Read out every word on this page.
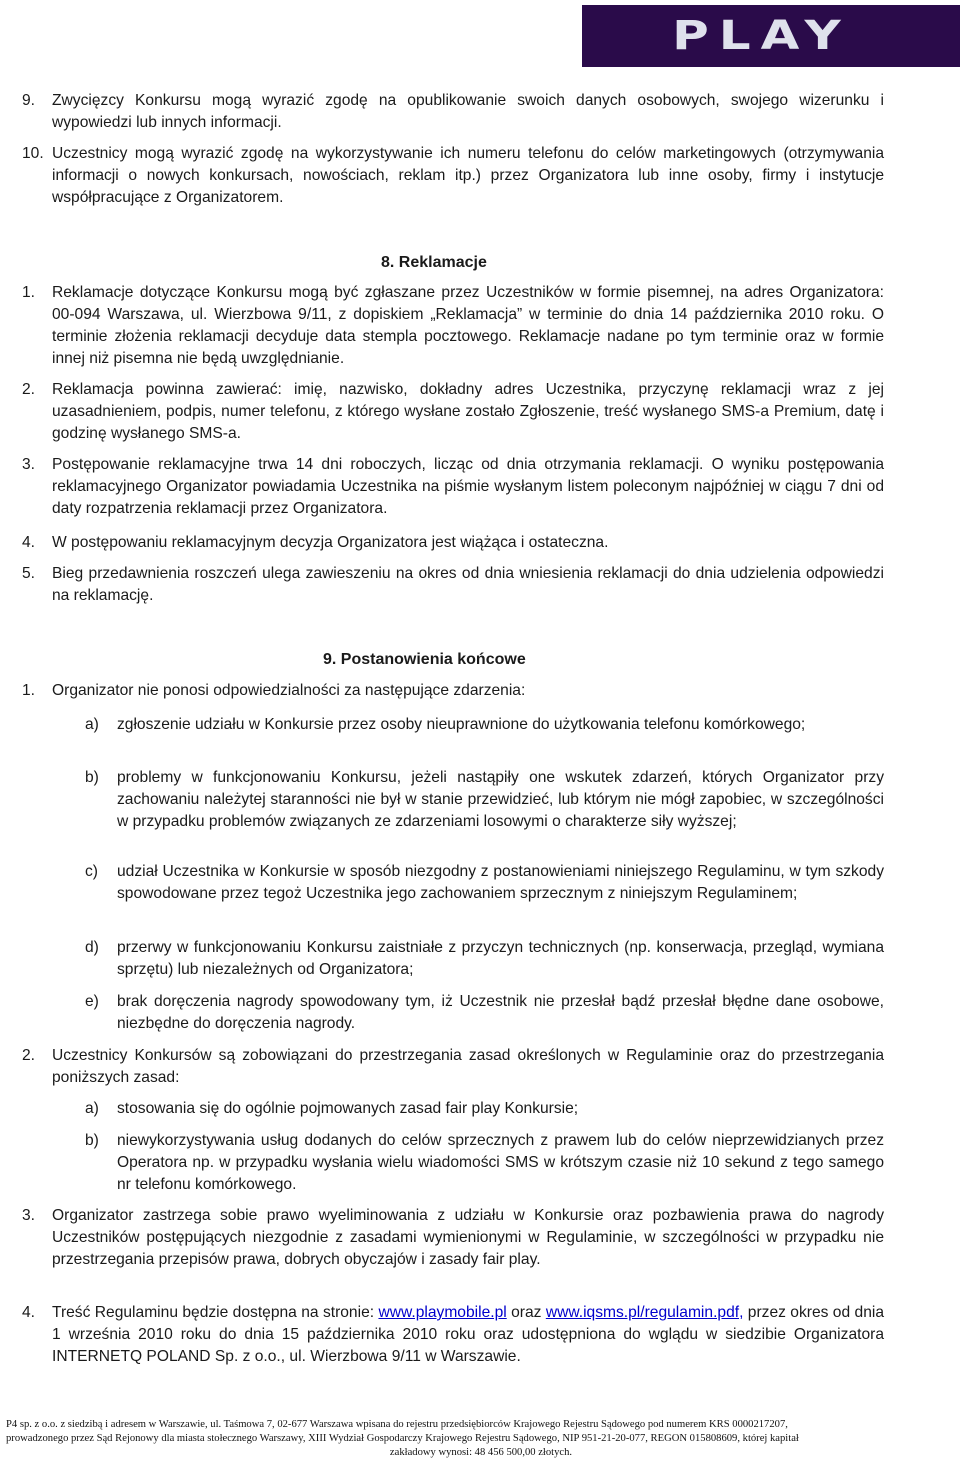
PLAY
9. Zwycięzcy Konkursu mogą wyrazić zgodę na opublikowanie swoich danych osobowych, swojego wizerunku i wypowiedzi lub innych informacji.
10. Uczestnicy mogą wyrazić zgodę na wykorzystywanie ich numeru telefonu do celów marketingowych (otrzymywania informacji o nowych konkursach, nowościach, reklam itp.) przez Organizatora lub inne osoby, firmy i instytucje współpracujące z Organizatorem.
8. Reklamacje
1. Reklamacje dotyczące Konkursu mogą być zgłaszane przez Uczestników w formie pisemnej, na adres Organizatora: 00-094 Warszawa, ul. Wierzbowa 9/11, z dopiskiem „Reklamacja” w terminie do dnia 14 października 2010 roku. O terminie złożenia reklamacji decyduje data stempla pocztowego. Reklamacje nadane po tym terminie oraz w formie innej niż pisemna nie będą uwzględnianie.
2. Reklamacja powinna zawierać: imię, nazwisko, dokładny adres Uczestnika, przyczynę reklamacji wraz z jej uzasadnieniem, podpis, numer telefonu, z którego wysłane zostało Zgłoszenie, treść wysłanego SMS-a Premium, datę i godzinę wysłanego SMS-a.
3. Postępowanie reklamacyjne trwa 14 dni roboczych, licząc od dnia otrzymania reklamacji. O wyniku postępowania reklamacyjnego Organizator powiadamia Uczestnika na piśmie wysłanym listem poleconym najpóźniej w ciągu 7 dni od daty rozpatrzenia reklamacji przez Organizatora.
4. W postępowaniu reklamacyjnym decyzja Organizatora jest wiążąca i ostateczna.
5. Bieg przedawnienia roszczeń ulega zawieszeniu na okres od dnia wniesienia reklamacji do dnia udzielenia odpowiedzi na reklamację.
9. Postanowienia końcowe
1. Organizator nie ponosi odpowiedzialności za następujące zdarzenia:
a) zgłoszenie udziału w Konkursie przez osoby nieuprawnione do użytkowania telefonu komórkowego;
b) problemy w funkcjonowaniu Konkursu, jeżeli nastąpiły one wskutek zdarzeń, których Organizator przy zachowaniu należytej staranności nie był w stanie przewidzieć, lub którym nie mógł zapobiec, w szczególności w przypadku problemów związanych ze zdarzeniami losowymi o charakterze siły wyższej;
c) udział Uczestnika w Konkursie w sposób niezgodny z postanowieniami niniejszego Regulaminu, w tym szkody spowodowane przez tegoż Uczestnika jego zachowaniem sprzecznym z niniejszym Regulaminem;
d) przerwy w funkcjonowaniu Konkursu zaistniałe z przyczyn technicznych (np. konserwacja, przegląd, wymiana sprzętu) lub niezależnych od Organizatora;
e) brak doręczenia nagrody spowodowany tym, iż Uczestnik nie przesłał bądź przesłał błędne dane osobowe, niezbędne do doręczenia nagrody.
2. Uczestnicy Konkursów są zobowiązani do przestrzegania zasad określonych w Regulaminie oraz do przestrzegania poniższych zasad:
a) stosowania się do ogólnie pojmowanych zasad fair play Konkursie;
b) niewykorzystywania usług dodanych do celów sprzecznych z prawem lub do celów nieprzewidzianych przez Operatora np. w przypadku wysłania wielu wiadomości SMS w krótszym czasie niż 10 sekund z tego samego nr telefonu komórkowego.
3. Organizator zastrzega sobie prawo wyeliminowania z udziału w Konkursie oraz pozbawienia prawa do nagrody Uczestników postępujących niezgodnie z zasadami wymienionymi w Regulaminie, w szczególności w przypadku nie przestrzegania przepisów prawa, dobrych obyczajów i zasady fair play.
4. Treść Regulaminu będzie dostępna na stronie: www.playmobile.pl oraz www.iqsms.pl/regulamin.pdf, przez okres od dnia 1 września 2010 roku do dnia 15 października 2010 roku oraz udostępniona do wglądu w siedzibie Organizatora INTERNETQ POLAND Sp. z o.o., ul. Wierzbowa 9/11 w Warszawie.
P4 sp. z o.o. z siedzibą i adresem w Warszawie, ul. Taśmowa 7, 02-677 Warszawa wpisana do rejestru przedsiębiorców Krajowego Rejestru Sądowego pod numerem KRS 0000217207,
prowadzonego przez Sąd Rejonowy dla miasta stołecznego Warszawy, XIII Wydział Gospodarczy Krajowego Rejestru Sądowego, NIP 951-21-20-077, REGON 015808609, której kapitał
zakładowy wynosi: 48 456 500,00 złotych.
